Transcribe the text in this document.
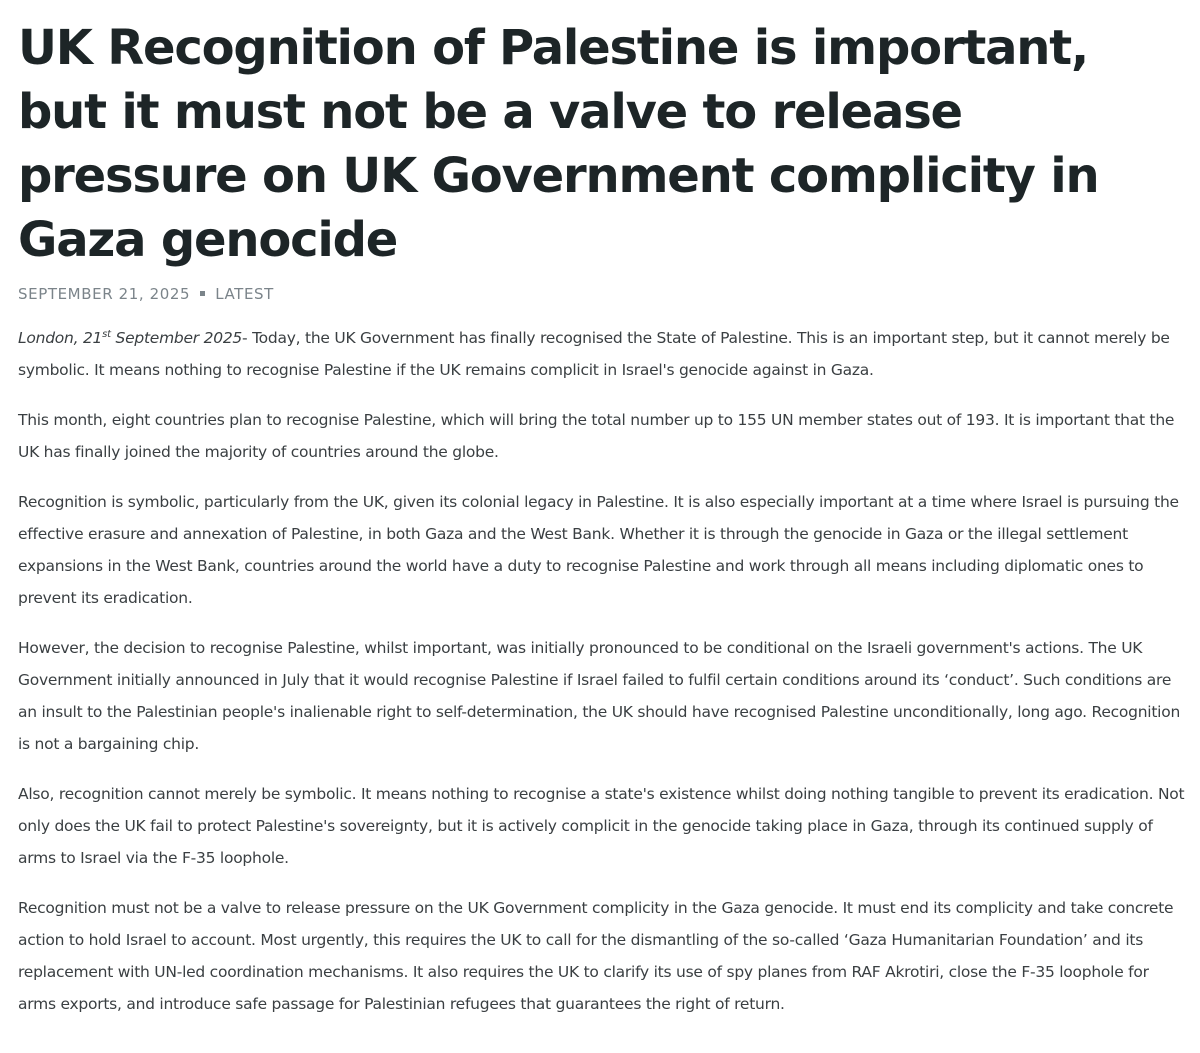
UK Recognition of Palestine is important, but it must not be a valve to release pressure on UK Government complicity in Gaza genocide
SEPTEMBER 21, 2025 LATEST

London, 21st September 2025- Today, the UK Government has finally recognised the State of Palestine. This is an important step, but it cannot merely be symbolic. It means nothing to recognise Palestine if the UK remains complicit in Israel's genocide against in Gaza.

This month, eight countries plan to recognise Palestine, which will bring the total number up to 155 UN member states out of 193. It is important that the UK has finally joined the majority of countries around the globe.

Recognition is symbolic, particularly from the UK, given its colonial legacy in Palestine. It is also especially important at a time where Israel is pursuing the effective erasure and annexation of Palestine, in both Gaza and the West Bank. Whether it is through the genocide in Gaza or the illegal settlement expansions in the West Bank, countries around the world have a duty to recognise Palestine and work through all means including diplomatic ones to prevent its eradication.

However, the decision to recognise Palestine, whilst important, was initially pronounced to be conditional on the Israeli government's actions. The UK Government initially announced in July that it would recognise Palestine if Israel failed to fulfil certain conditions around its ‘conduct’. Such conditions are an insult to the Palestinian people's inalienable right to self-determination, the UK should have recognised Palestine unconditionally, long ago. Recognition is not a bargaining chip.

Also, recognition cannot merely be symbolic. It means nothing to recognise a state's existence whilst doing nothing tangible to prevent its eradication. Not only does the UK fail to protect Palestine's sovereignty, but it is actively complicit in the genocide taking place in Gaza, through its continued supply of arms to Israel via the F-35 loophole.

Recognition must not be a valve to release pressure on the UK Government complicity in the Gaza genocide. It must end its complicity and take concrete action to hold Israel to account. Most urgently, this requires the UK to call for the dismantling of the so-called ‘Gaza Humanitarian Foundation’ and its replacement with UN-led coordination mechanisms. It also requires the UK to clarify its use of spy planes from RAF Akrotiri, close the F-35 loophole for arms exports, and introduce safe passage for Palestinian refugees that guarantees the right of return.
